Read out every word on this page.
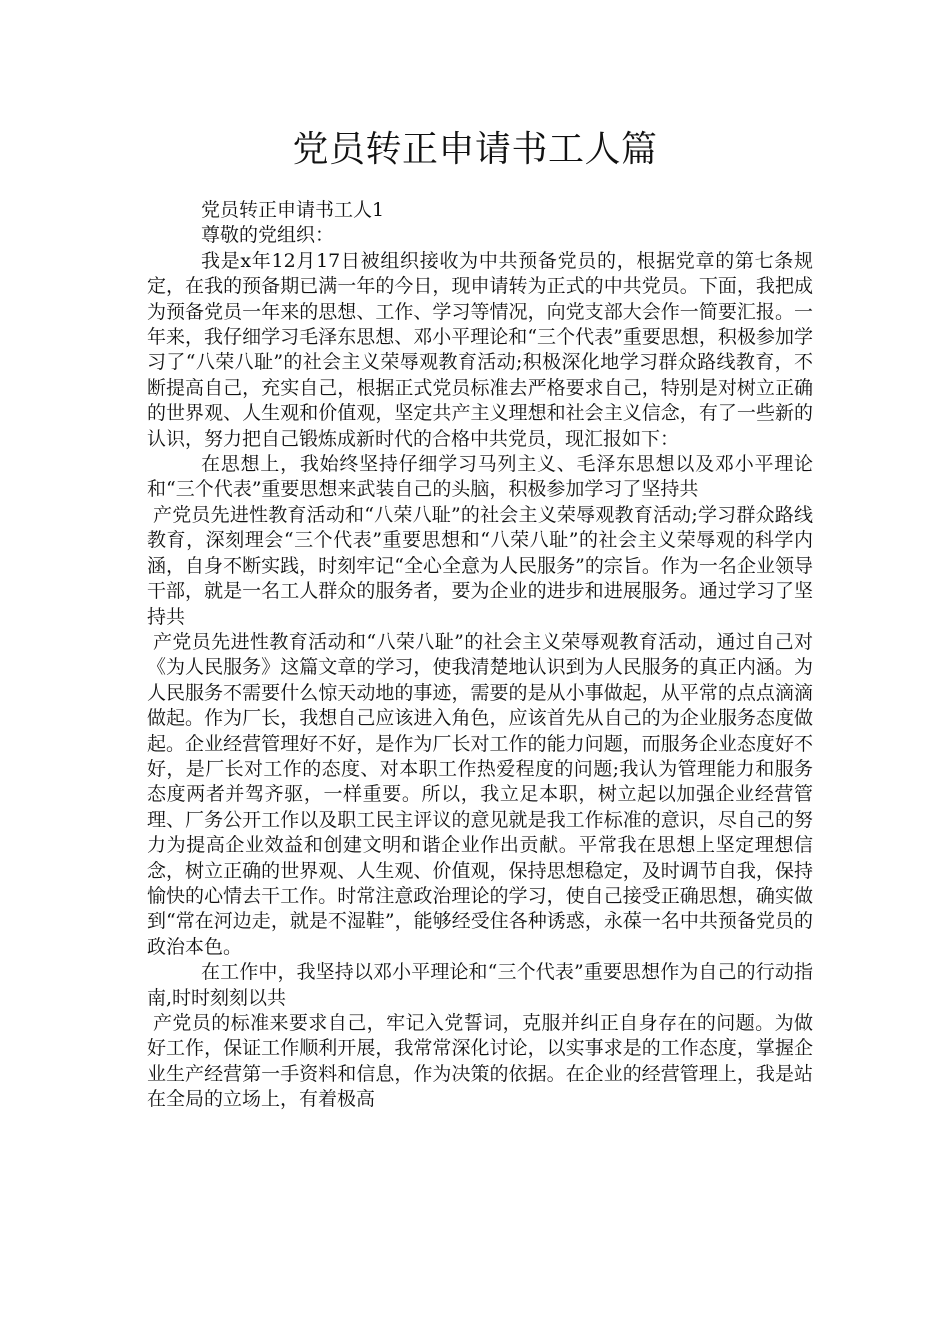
党员转正申请书工人篇

党员转正申请书工人1

尊敬的党组织：

我是x年12月17日被组织接收为中共预备党员的，根据党章的第七条规定，在我的预备期已满一年的今日，现申请转为正式的中共党员。下面，我把成为预备党员一年来的思想、工作、学习等情况，向党支部大会作一简要汇报。一年来，我仔细学习毛泽东思想、邓小平理论和“三个代表”重要思想，积极参加学习了“八荣八耻”的社会主义荣辱观教育活动;积极深化地学习群众路线教育，不断提高自己，充实自己，根据正式党员标准去严格要求自己，特别是对树立正确的世界观、人生观和价值观，坚定共产主义理想和社会主义信念，有了一些新的认识，努力把自己锻炼成新时代的合格中共党员，现汇报如下：

在思想上，我始终坚持仔细学习马列主义、毛泽东思想以及邓小平理论和“三个代表”重要思想来武装自己的头脑，积极参加学习了坚持共

产党员先进性教育活动和“八荣八耻”的社会主义荣辱观教育活动;学习群众路线教育，深刻理会“三个代表”重要思想和“八荣八耻”的社会主义荣辱观的科学内涵，自身不断实践，时刻牢记“全心全意为人民服务”的宗旨。作为一名企业领导干部，就是一名工人群众的服务者，要为企业的进步和进展服务。通过学习了坚持共

产党员先进性教育活动和“八荣八耻”的社会主义荣辱观教育活动，通过自己对《为人民服务》这篇文章的学习，使我清楚地认识到为人民服务的真正内涵。为人民服务不需要什么惊天动地的事迹，需要的是从小事做起，从平常的点点滴滴做起。作为厂长，我想自己应该进入角色，应该首先从自己的为企业服务态度做起。企业经营管理好不好，是作为厂长对工作的能力问题，而服务企业态度好不好，是厂长对工作的态度、对本职工作热爱程度的问题;我认为管理能力和服务态度两者并驾齐驱，一样重要。所以，我立足本职，树立起以加强企业经营管理、厂务公开工作以及职工民主评议的意见就是我工作标准的意识，尽自己的努力为提高企业效益和创建文明和谐企业作出贡献。平常我在思想上坚定理想信念，树立正确的世界观、人生观、价值观，保持思想稳定，及时调节自我，保持愉快的心情去干工作。时常注意政治理论的学习，使自己接受正确思想，确实做到“常在河边走，就是不湿鞋”，能够经受住各种诱惑，永葆一名中共预备党员的政治本色。

在工作中，我坚持以邓小平理论和“三个代表”重要思想作为自己的行动指南,时时刻刻以共

产党员的标准来要求自己，牢记入党誓词，克服并纠正自身存在的问题。为做好工作，保证工作顺利开展，我常常深化讨论，以实事求是的工作态度，掌握企业生产经营第一手资料和信息，作为决策的依据。在企业的经营管理上，我是站在全局的立场上，有着极高
